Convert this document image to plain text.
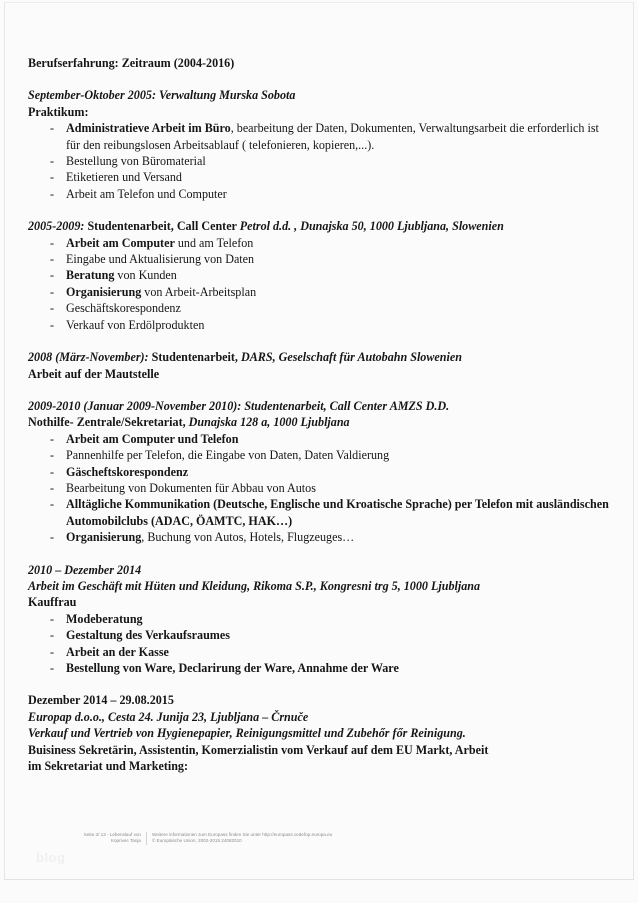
Berufserfahrung: Zeitraum (2004-2016)
September-Oktober 2005: Verwaltung Murska Sobota
Praktikum:
- Administratieve Arbeit im Büro, bearbeitung der Daten, Dokumenten, Verwaltungsarbeit die erforderlich ist für den reibungslosen Arbeitsablauf ( telefonieren, kopieren,...).
- Bestellung von Büromaterial
- Etiketieren und Versand
- Arbeit am Telefon und Computer
2005-2009: Studentenarbeit, Call Center Petrol d.d. , Dunajska 50, 1000 Ljubljana, Slowenien
- Arbeit am Computer und am Telefon
- Eingabe und Aktualisierung von Daten
- Beratung von Kunden
- Organisierung von Arbeit-Arbeitsplan
- Geschäftskorespondenz
- Verkauf von Erdölprodukten
2008 (März-November): Studentenarbeit, DARS, Geselschaft für Autobahn Slowenien
Arbeit auf der Mautstelle
2009-2010 (Januar 2009-November 2010): Studentenarbeit, Call Center AMZS D.D.
Nothilfe- Zentrale/Sekretariat, Dunajska 128 a, 1000 Ljubljana
- Arbeit am Computer und Telefon
- Pannenhilfe per Telefon, die Eingabe von Daten, Daten Valdierung
- Gäscheftskorespondenz
- Bearbeitung von Dokumenten für Abbau von Autos
- Alltägliche Kommunikation (Deutsche, Englische und Kroatische Sprache) per Telefon mit ausländischen Automobilclubs (ADAC, ÖAMTC, HAK…)
- Organisierung, Buchung von Autos, Hotels, Flugzeuges…
2010 – Dezember 2014
Arbeit im Geschäft mit Hüten und Kleidung, Rikoma S.P., Kongresni trg 5, 1000 Ljubljana
Kauffrau
- Modeberatung
- Gestaltung des Verkaufsraumes
- Arbeit an der Kasse
- Bestellung von Ware, Declarirung der Ware, Annahme der Ware
Dezember 2014 – 29.08.2015
Europap d.o.o., Cesta 24. Junija 23, Ljubljana – Črnuče
Verkauf und Vertrieb von Hygienepapier, Reinigungsmittel und Zubehőr főr Reinigung.
Buisiness Sekretärin, Assistentin, Komerzialistin vom Verkauf auf dem EU Markt, Arbeit
im Sekretariat und Marketing:
Seite 3/ 13 - Lebenslauf von
Koprivec Tanja
Weitere informationen zum Europass finden Sie unter http://europass.cedefop.europa.eu
© Europäische Union, 2002-2015 24082010
blog
